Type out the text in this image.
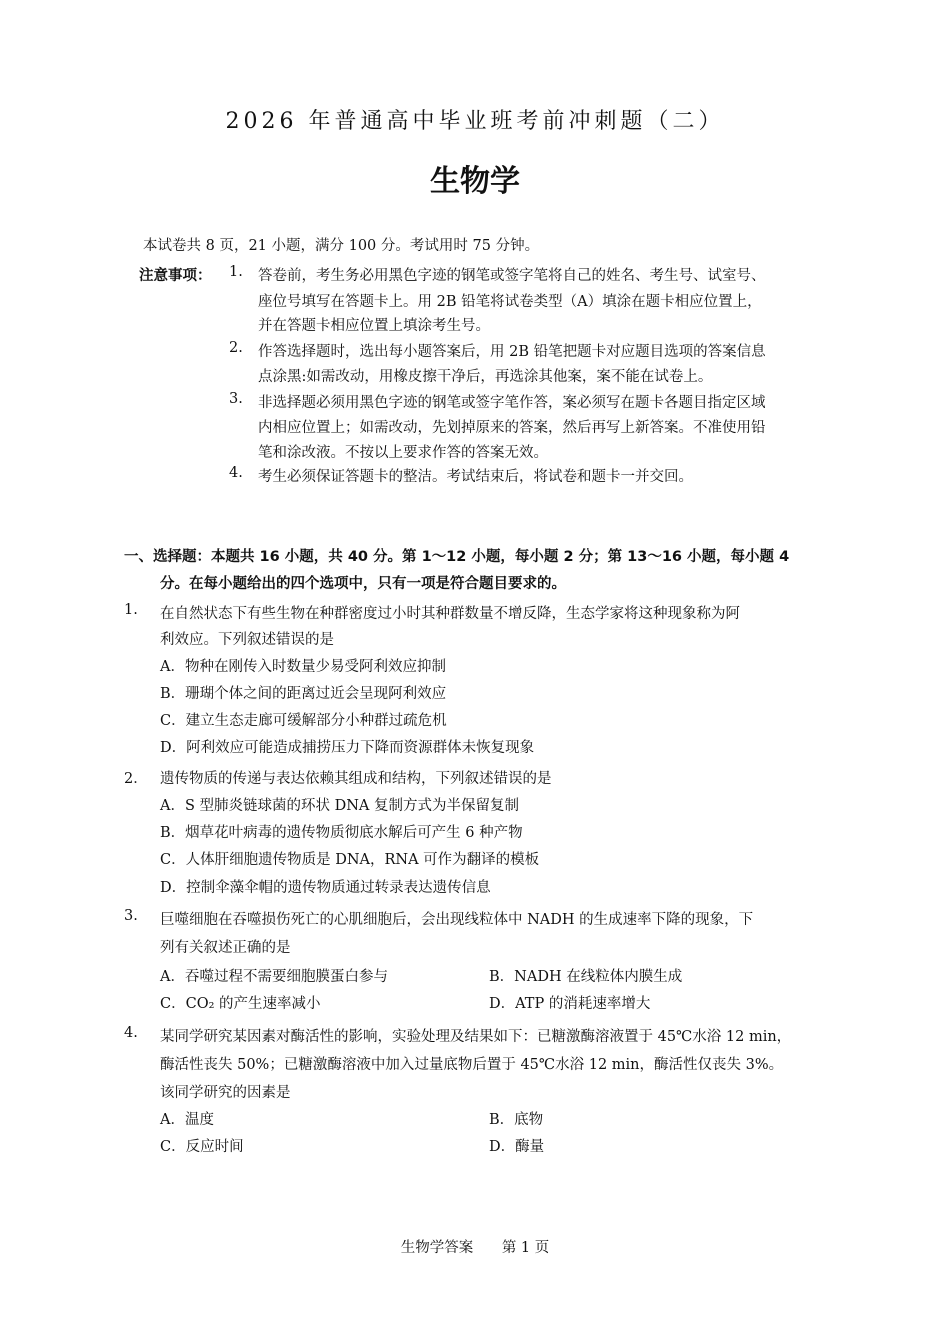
2026 年普通高中毕业班考前冲刺题（二）
生物学
本试卷共 8 页，21 小题，满分 100 分。考试用时 75 分钟。
注意事项： 1. 答卷前，考生务必用黑色字迹的钢笔或签字笔将自己的姓名、考生号、试室号、
座位号填写在答题卡上。用 2B 铅笔将试卷类型（A）填涂在题卡相应位置上，
并在答题卡相应位置上填涂考生号。
2. 作答选择题时，选出每小题答案后，用 2B 铅笔把题卡对应题目选项的答案信息
点涂黑:如需改动，用橡皮擦干净后，再选涂其他案，案不能在试卷上。
3. 非选择题必须用黑色字迹的钢笔或签字笔作答，案必须写在题卡各题目指定区域
内相应位置上；如需改动，先划掉原来的答案，然后再写上新答案。不准使用铅
笔和涂改液。不按以上要求作答的答案无效。
4. 考生必须保证答题卡的整洁。考试结束后，将试卷和题卡一并交回。
一、选择题：本题共 16 小题，共 40 分。第 1～12 小题，每小题 2 分；第 13～16 小题，每小题 4
分。在每小题给出的四个选项中，只有一项是符合题目要求的。
1. 在自然状态下有些生物在种群密度过小时其种群数量不增反降，生态学家将这种现象称为阿
利效应。下列叙述错误的是
A．物种在刚传入时数量少易受阿利效应抑制
B．珊瑚个体之间的距离过近会呈现阿利效应
C．建立生态走廊可缓解部分小种群过疏危机
D．阿利效应可能造成捕捞压力下降而资源群体未恢复现象
2． 遗传物质的传递与表达依赖其组成和结构，下列叙述错误的是
A．S 型肺炎链球菌的环状 DNA 复制方式为半保留复制
B．烟草花叶病毒的遗传物质彻底水解后可产生 6 种产物
C．人体肝细胞遗传物质是 DNA，RNA 可作为翻译的模板
D．控制伞藻伞帽的遗传物质通过转录表达遗传信息
3. 巨噬细胞在吞噬损伤死亡的心肌细胞后，会出现线粒体中 NADH 的生成速率下降的现象，下
列有关叙述正确的是
A．吞噬过程不需要细胞膜蛋白参与	B．NADH 在线粒体内膜生成
C．CO₂ 的产生速率减小	D．ATP 的消耗速率增大
4. 某同学研究某因素对酶活性的影响，实验处理及结果如下：已糖激酶溶液置于 45℃水浴 12 min，
酶活性丧失 50%；已糖激酶溶液中加入过量底物后置于 45℃水浴 12 min，酶活性仅丧失 3%。
该同学研究的因素是
A．温度	B．底物
C．反应时间	D．酶量
生物学答案 第 1 页
